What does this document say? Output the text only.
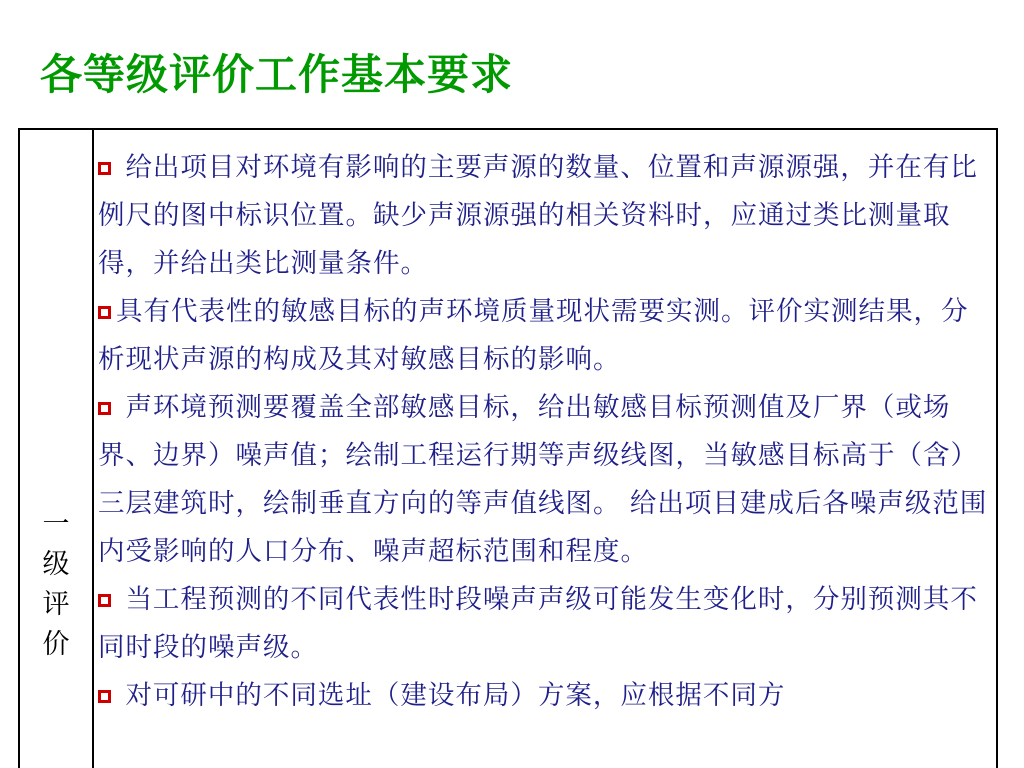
各等级评价工作基本要求
一
级
评
价

给出项目对环境有影响的主要声源的数量、位置和声源源强，并在有比例尺的图中标识位置。缺少声源源强的相关资料时，应通过类比测量取得，并给出类比测量条件。

具有代表性的敏感目标的声环境质量现状需要实测。评价实测结果，分析现状声源的构成及其对敏感目标的影响。

声环境预测要覆盖全部敏感目标，给出敏感目标预测值及厂界（或场界、边界）噪声值；绘制工程运行期等声级线图，当敏感目标高于（含）三层建筑时，绘制垂直方向的等声值线图。 给出项目建成后各噪声级范围内受影响的人口分布、噪声超标范围和程度。

当工程预测的不同代表性时段噪声声级可能发生变化时，分别预测其不同时段的噪声级。

对可研中的不同选址（建设布局）方案，应根据不同方
